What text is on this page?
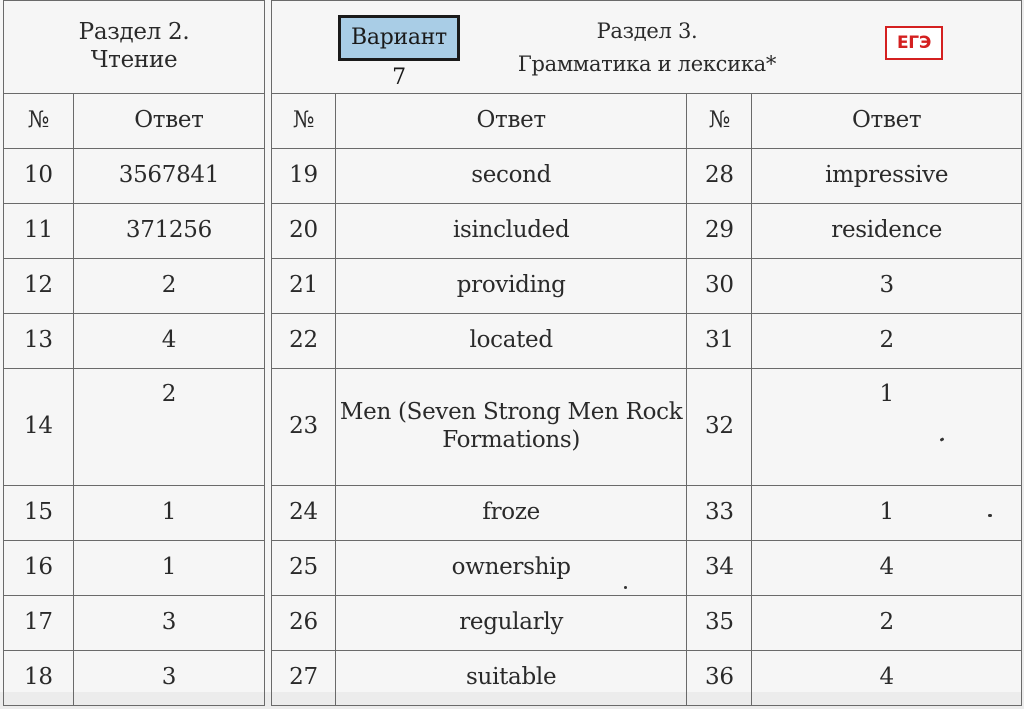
Раздел 2.
Чтение	

№	Ответ
10	3567841
11	371256
12	2
13	4
14	2
15	1
16	1
17	3
18	3
Вариант 7
Раздел 3.
Грамматика и лексика*
ЕГЭ			

№	Ответ	№	Ответ
19	second	28	impressive
20	isincluded	29	residence
21	providing	30	3
22	located	31	2
23	Men (Seven Strong Men Rock
Formations)	32	1
24	froze	33	1
25	ownership	34	4
26	regularly	35	2
27	suitable	36	4
